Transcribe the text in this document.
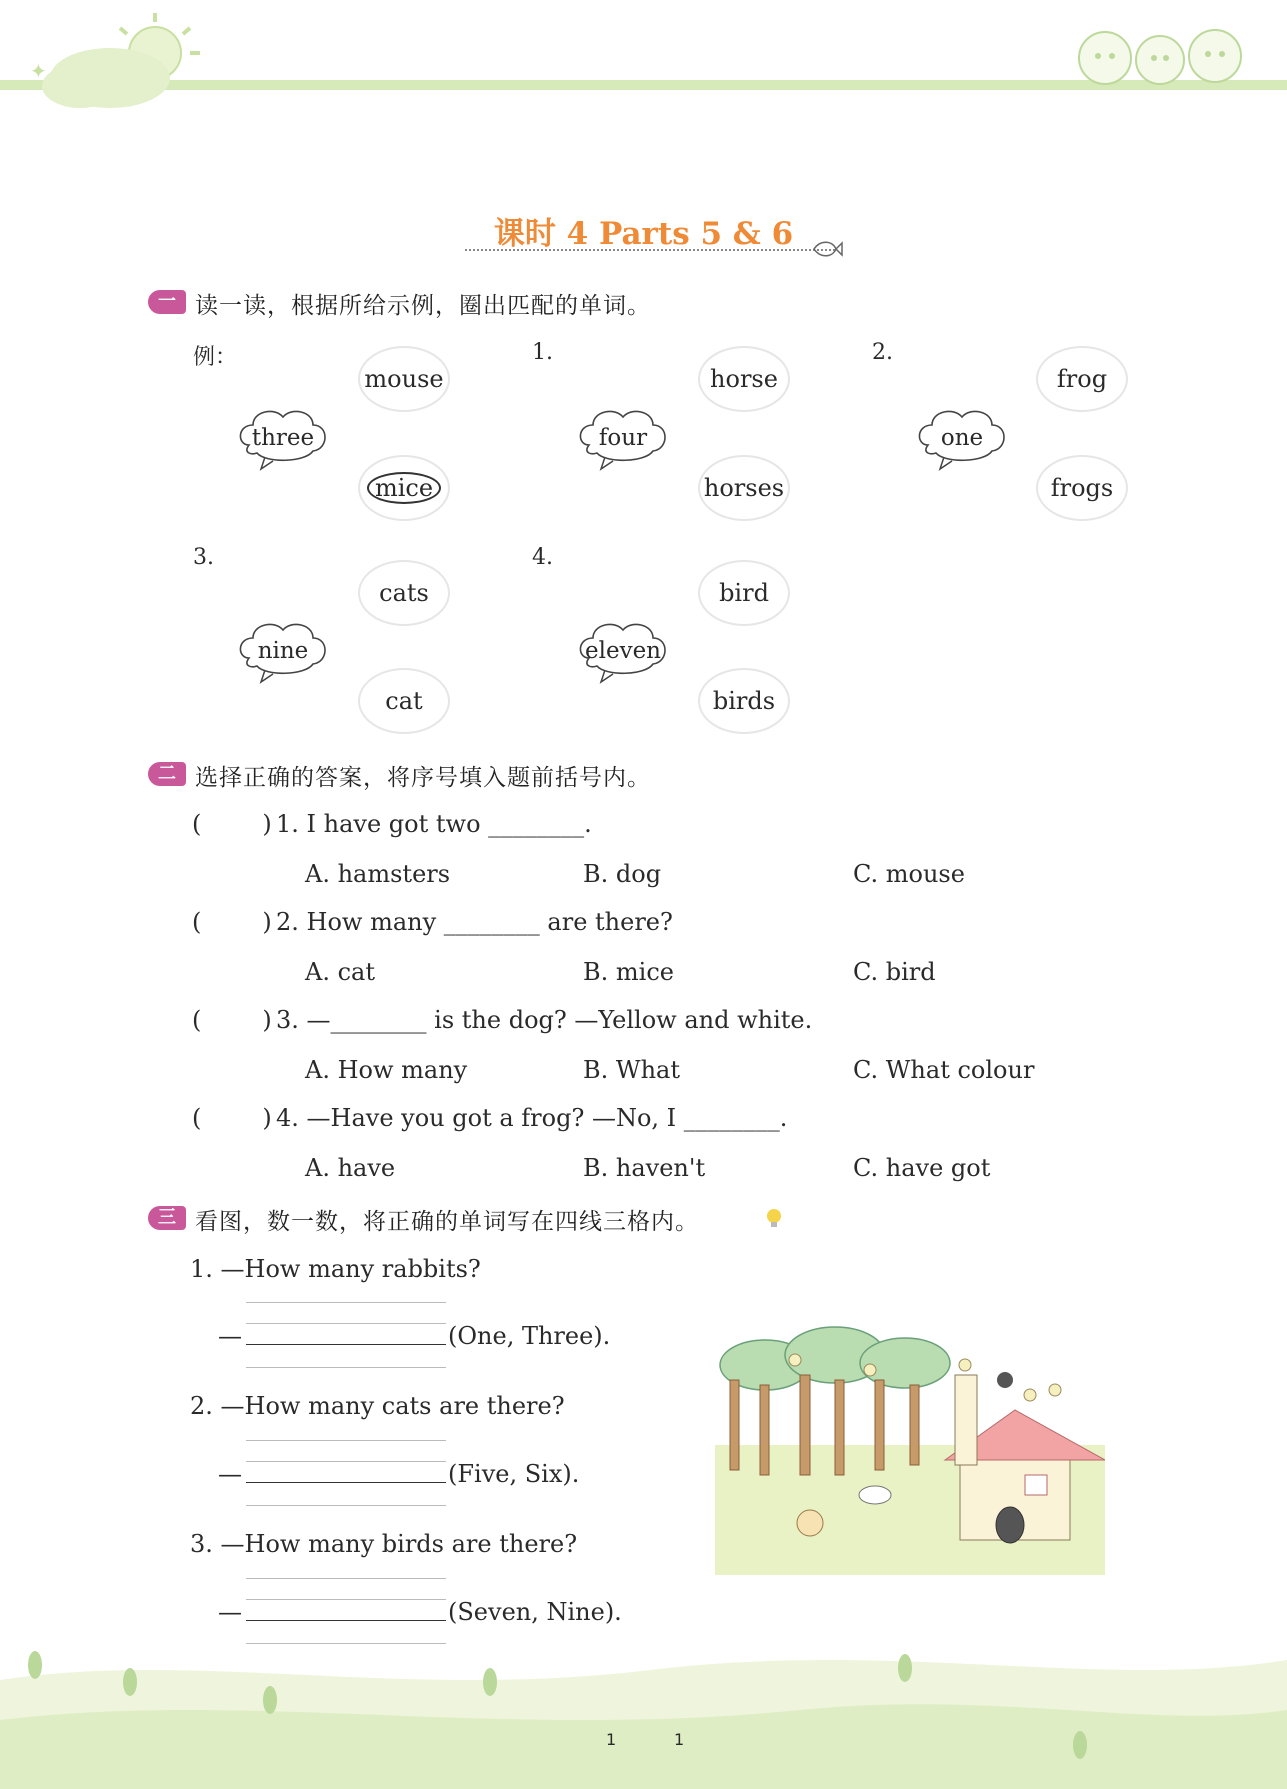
✦
课时 4 Parts 5 & 6
一 读一读，根据所给示例，圈出匹配的单词。
例：	1.	2.
3.	4.
three
mouse
mice
four
horse
horses
one
frog
frogs
nine
cats
cat
eleven
bird
birds
二 选择正确的答案，将序号填入题前括号内。
(        ) 1. I have got two ________.
A. hamsters	B. dog	C. mouse
(        ) 2. How many ________ are there?
A. cat	B. mice	C. bird
(        ) 3. —________ is the dog? —Yellow and white.
A. How many	B. What	C. What colour
(        ) 4. —Have you got a frog? —No, I ________.
A. have	B. haven't	C. have got
三 看图，数一数，将正确的单词写在四线三格内。
1. —How many rabbits?
—	(One, Three).
2. —How many cats are there?
—	(Five, Six).
3. —How many birds are there?
—	(Seven, Nine).
1	1
